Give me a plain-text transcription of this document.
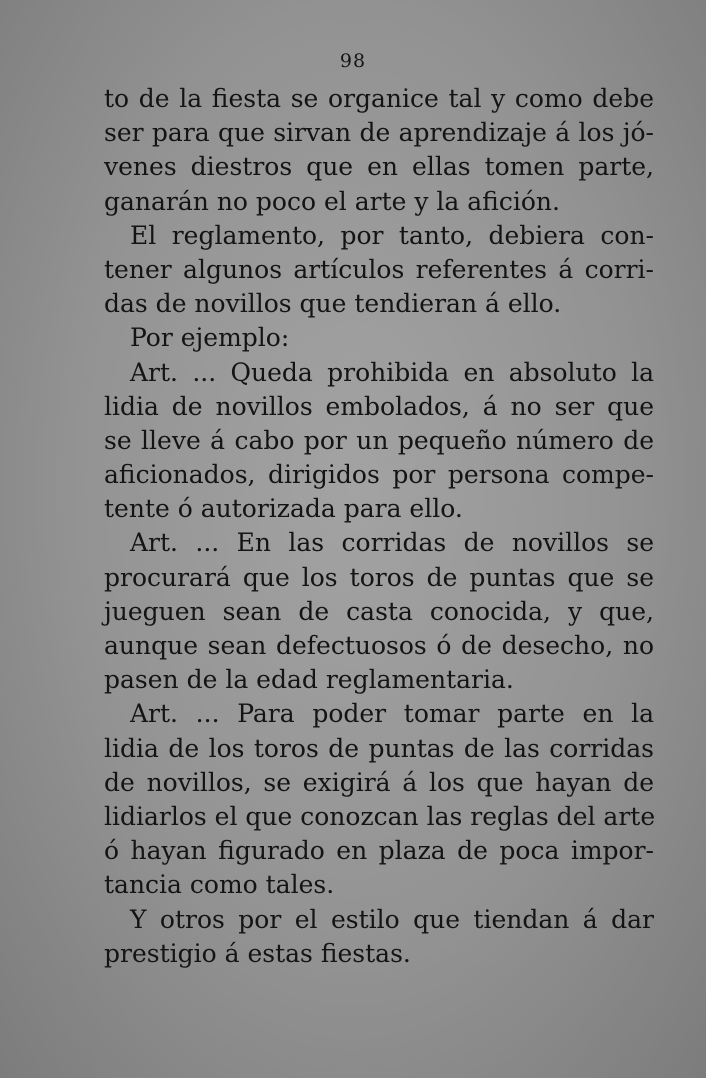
98
to de la fiesta se organice tal y como debe
ser para que sirvan de aprendizaje á los jó-
venes diestros que en ellas tomen parte,
ganarán no poco el arte y la afición.
El reglamento, por tanto, debiera con-
tener algunos artículos referentes á corri-
das de novillos que tendieran á ello.
Por ejemplo:
Art. ... Queda prohibida en absoluto la
lidia de novillos embolados, á no ser que
se lleve á cabo por un pequeño número de
aficionados, dirigidos por persona compe-
tente ó autorizada para ello.
Art. ... En las corridas de novillos se
procurará que los toros de puntas que se
jueguen sean de casta conocida, y que,
aunque sean defectuosos ó de desecho, no
pasen de la edad reglamentaria.
Art. ... Para poder tomar parte en la
lidia de los toros de puntas de las corridas
de novillos, se exigirá á los que hayan de
lidiarlos el que conozcan las reglas del arte
ó hayan figurado en plaza de poca impor-
tancia como tales.
Y otros por el estilo que tiendan á dar
prestigio á estas fiestas.
